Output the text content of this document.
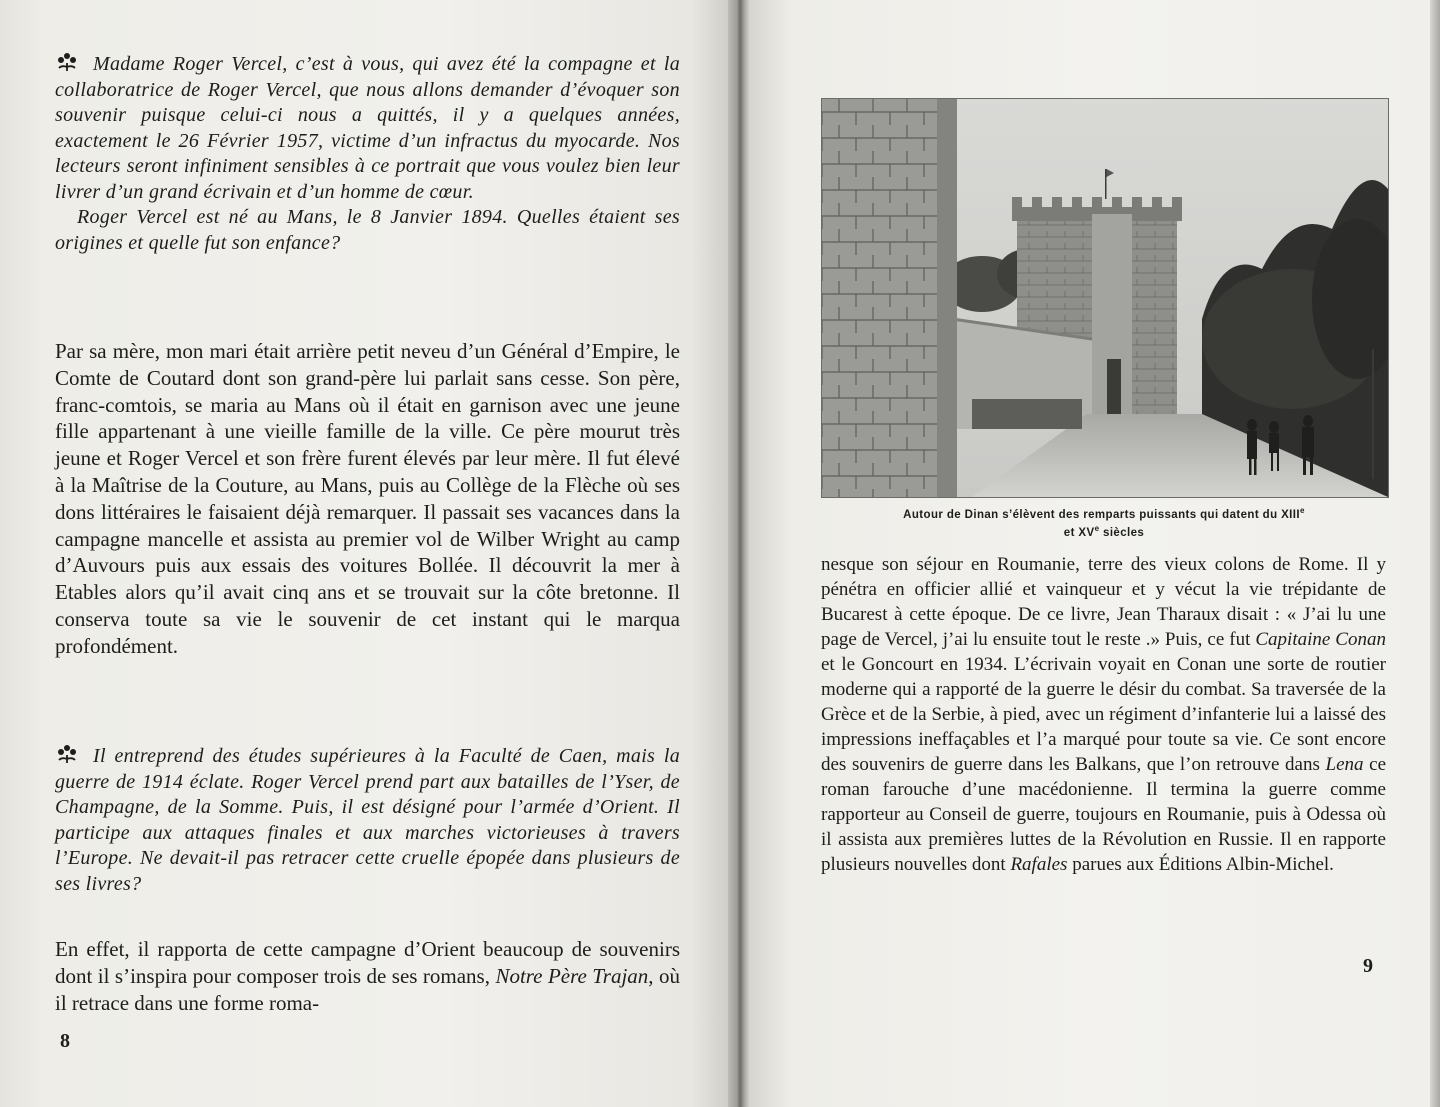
Madame Roger Vercel, c’est à vous, qui avez été la compagne et la collaboratrice de Roger Vercel, que nous allons demander d’évoquer son souvenir puisque celui-ci nous a quittés, il y a quelques années, exactement le 26 Février 1957, victime d’un infractus du myocarde. Nos lecteurs seront infiniment sensibles à ce portrait que vous voulez bien leur livrer d’un grand écrivain et d’un homme de cœur.

Roger Vercel est né au Mans, le 8 Janvier 1894. Quelles étaient ses origines et quelle fut son enfance?

Par sa mère, mon mari était arrière petit neveu d’un Général d’Empire, le Comte de Coutard dont son grand-père lui parlait sans cesse. Son père, franc-comtois, se maria au Mans où il était en garnison avec une jeune fille appartenant à une vieille famille de la ville. Ce père mourut très jeune et Roger Vercel et son frère furent élevés par leur mère. Il fut élevé à la Maîtrise de la Couture, au Mans, puis au Collège de la Flèche où ses dons littéraires le faisaient déjà remarquer. Il passait ses vacances dans la campagne mancelle et assista au premier vol de Wilber Wright au camp d’Auvours puis aux essais des voitures Bollée. Il découvrit la mer à Etables alors qu’il avait cinq ans et se trouvait sur la côte bretonne. Il conserva toute sa vie le souvenir de cet instant qui le marqua profondément.

Il entreprend des études supérieures à la Faculté de Caen, mais la guerre de 1914 éclate. Roger Vercel prend part aux batailles de l’Yser, de Champagne, de la Somme. Puis, il est désigné pour l’armée d’Orient. Il participe aux attaques finales et aux marches victorieuses à travers l’Europe. Ne devait-il pas retracer cette cruelle épopée dans plusieurs de ses livres?

En effet, il rapporta de cette campagne d’Orient beaucoup de souvenirs dont il s’inspira pour composer trois de ses romans, Notre Père Trajan, où il retrace dans une forme roma-

8
Autour de Dinan s’élèvent des remparts puissants qui datent du XIIIe
et XVe siècles

nesque son séjour en Roumanie, terre des vieux colons de Rome. Il y pénétra en officier allié et vainqueur et y vécut la vie trépidante de Bucarest à cette époque. De ce livre, Jean Tharaux disait : « J’ai lu une page de Vercel, j’ai lu ensuite tout le reste .» Puis, ce fut Capitaine Conan et le Goncourt en 1934. L’écrivain voyait en Conan une sorte de routier moderne qui a rapporté de la guerre le désir du combat. Sa traversée de la Grèce et de la Serbie, à pied, avec un régiment d’infanterie lui a laissé des impressions ineffaçables et l’a marqué pour toute sa vie. Ce sont encore des souvenirs de guerre dans les Balkans, que l’on retrouve dans Lena ce roman farouche d’une macédonienne. Il termina la guerre comme rapporteur au Conseil de guerre, toujours en Roumanie, puis à Odessa où il assista aux premières luttes de la Révolution en Russie. Il en rapporte plusieurs nouvelles dont Rafales parues aux Éditions Albin-Michel.

9
